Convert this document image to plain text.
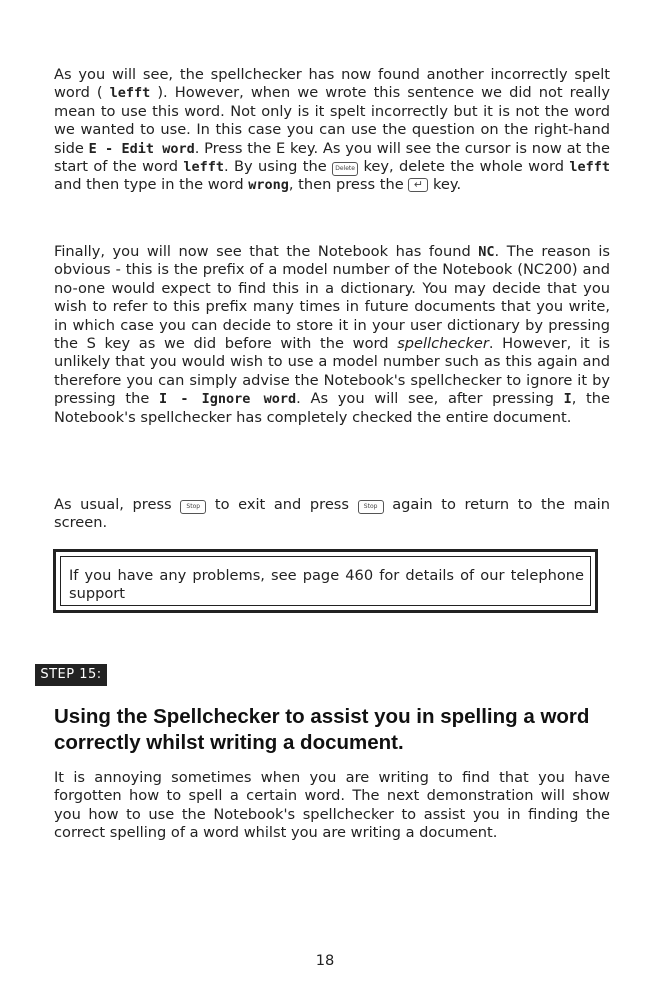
As you will see, the spellchecker has now found another incorrectly spelt word ( lefft ). However, when we wrote this sentence we did not really mean to use this word. Not only is it spelt incorrectly but it is not the word we wanted to use. In this case you can use the question on the right-hand side E - Edit word. Press the E key. As you will see the cursor is now at the start of the word lefft. By using the Delete key, delete the whole word lefft and then type in the word wrong, then press the ↵ key.

Finally, you will now see that the Notebook has found NC. The reason is obvious - this is the prefix of a model number of the Notebook (NC200) and no-one would expect to find this in a dictionary. You may decide that you wish to refer to this prefix many times in future documents that you write, in which case you can decide to store it in your user dictionary by pressing the S key as we did before with the word spellchecker. However, it is unlikely that you would wish to use a model number such as this again and therefore you can simply advise the Notebook's spellchecker to ignore it by pressing the I - Ignore word. As you will see, after pressing I, the Notebook's spellchecker has completely checked the entire document.

As usual, press Stop to exit and press Stop again to return to the main screen.

If you have any problems, see page 460 for details of our telephone support
STEP 15:
Using the Spellchecker to assist you in spelling a word correctly whilst writing a document.

It is annoying sometimes when you are writing to find that you have forgotten how to spell a certain word. The next demonstration will show you how to use the Notebook's spellchecker to assist you in finding the correct spelling of a word whilst you are writing a document.

18
